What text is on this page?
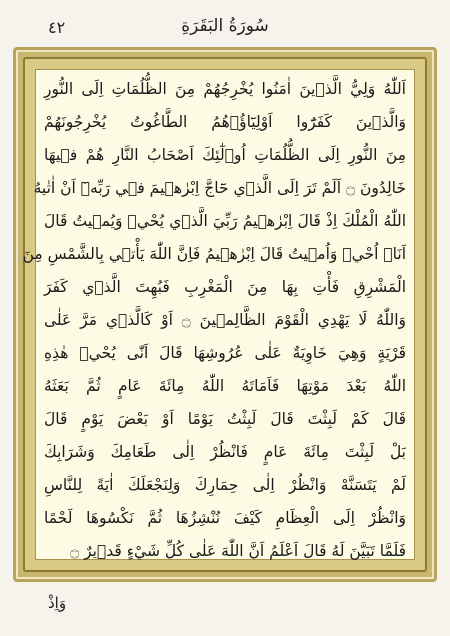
٤٢	سُورَةُ البَقَرَةِ
اَللّٰهُ وَلِيُّ الَّذ۪ينَ اٰمَنُوا يُخْرِجُهُمْ مِنَ الظُّلُمَاتِ اِلَى النُّورِ
وَالَّذ۪ينَ كَفَرُٓوا اَوْلِيَٓاؤُ۬هُمُ الطَّاغُوتُ يُخْرِجُونَهُمْ
مِنَ النُّورِ اِلَى الظُّلُمَاتِ اُو۬لٰٓئِكَ اَصْحَابُ النَّارِ هُمْ ف۪يهَا
خَالِدُونَ ۝ اَلَمْ تَرَ اِلَى الَّذ۪ي حَٓاجَّ اِبْرٰه۪يمَ ف۪ي رَبِّه۪ٓ اَنْ اٰتٰيهُ
اللّٰهُ الْمُلْكَ اِذْ قَالَ اِبْرٰه۪يمُ رَبِّيَ الَّذ۪ي يُحْي۪ وَيُم۪يتُ قَالَ
اَنَا۬ اُحْي۪ وَاُم۪يتُ قَالَ اِبْرٰه۪يمُ فَاِنَّ اللّٰهَ يَأْت۪ي بِالشَّمْسِ مِنَ
الْمَشْرِقِ فَأْتِ بِهَا مِنَ الْمَغْرِبِ فَبُهِتَ الَّذ۪ي كَفَرَ
وَاللّٰهُ لَا يَهْدِي الْقَوْمَ الظَّالِم۪ينَ ۝ اَوْ كَالَّذ۪ي مَرَّ عَلٰى
قَرْيَةٍ وَهِيَ خَاوِيَةٌ عَلٰى عُرُوشِهَا قَالَ اَنّٰى يُحْي۪ هٰذِهِ
اللّٰهُ بَعْدَ مَوْتِهَا فَاَمَاتَهُ اللّٰهُ مِائَةَ عَامٍ ثُمَّ بَعَثَهُ
قَالَ كَمْ لَبِثْتَ قَالَ لَبِثْتُ يَوْمًا اَوْ بَعْضَ يَوْمٍ قَالَ
بَلْ لَبِثْتَ مِائَةَ عَامٍ فَانْظُرْ اِلٰى طَعَامِكَ وَشَرَابِكَ
لَمْ يَتَسَنَّهْ وَانْظُرْ اِلٰى حِمَارِكَ وَلِنَجْعَلَكَ اٰيَةً لِلنَّاسِ
وَانْظُرْ اِلَى الْعِظَامِ كَيْفَ نُنْشِزُهَا ثُمَّ نَكْسُوهَا لَحْمًا
فَلَمَّا تَبَيَّنَ لَهُ قَالَ اَعْلَمُ اَنَّ اللّٰهَ عَلٰى كُلِّ شَيْءٍ قَد۪يرٌ ۝
وَاِذْ
